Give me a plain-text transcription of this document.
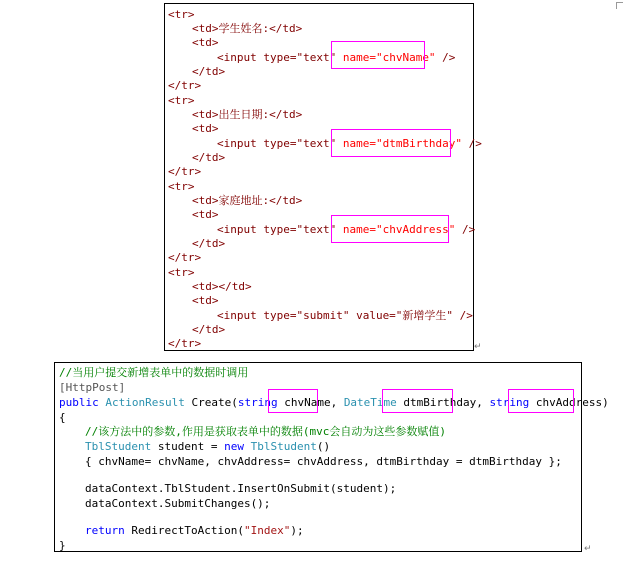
<tr>
<td>学生姓名:</td>
<td>
<input type="text" name="chvName" />
</td>
</tr>
<tr>
<td>出生日期:</td>
<td>
<input type="text" name="dtmBirthday" />
</td>
</tr>
<tr>
<td>家庭地址:</td>
<td>
<input type="text" name="chvAddress" />
</td>
</tr>
<tr>
<td></td>
<td>
<input type="submit" value="新增学生" />
</td>
</tr>	↵
//当用户提交新增表单中的数据时调用
[HttpPost]
public ActionResult Create(string chvName, DateTime dtmBirthday, string chvAddress)
{
//该方法中的参数,作用是获取表单中的数据(mvc会自动为这些参数赋值)
TblStudent student = new TblStudent()
{ chvName= chvName, chvAddress= chvAddress, dtmBirthday = dtmBirthday };
dataContext.TblStudent.InsertOnSubmit(student);
dataContext.SubmitChanges();
return RedirectToAction("Index");
}	↵
